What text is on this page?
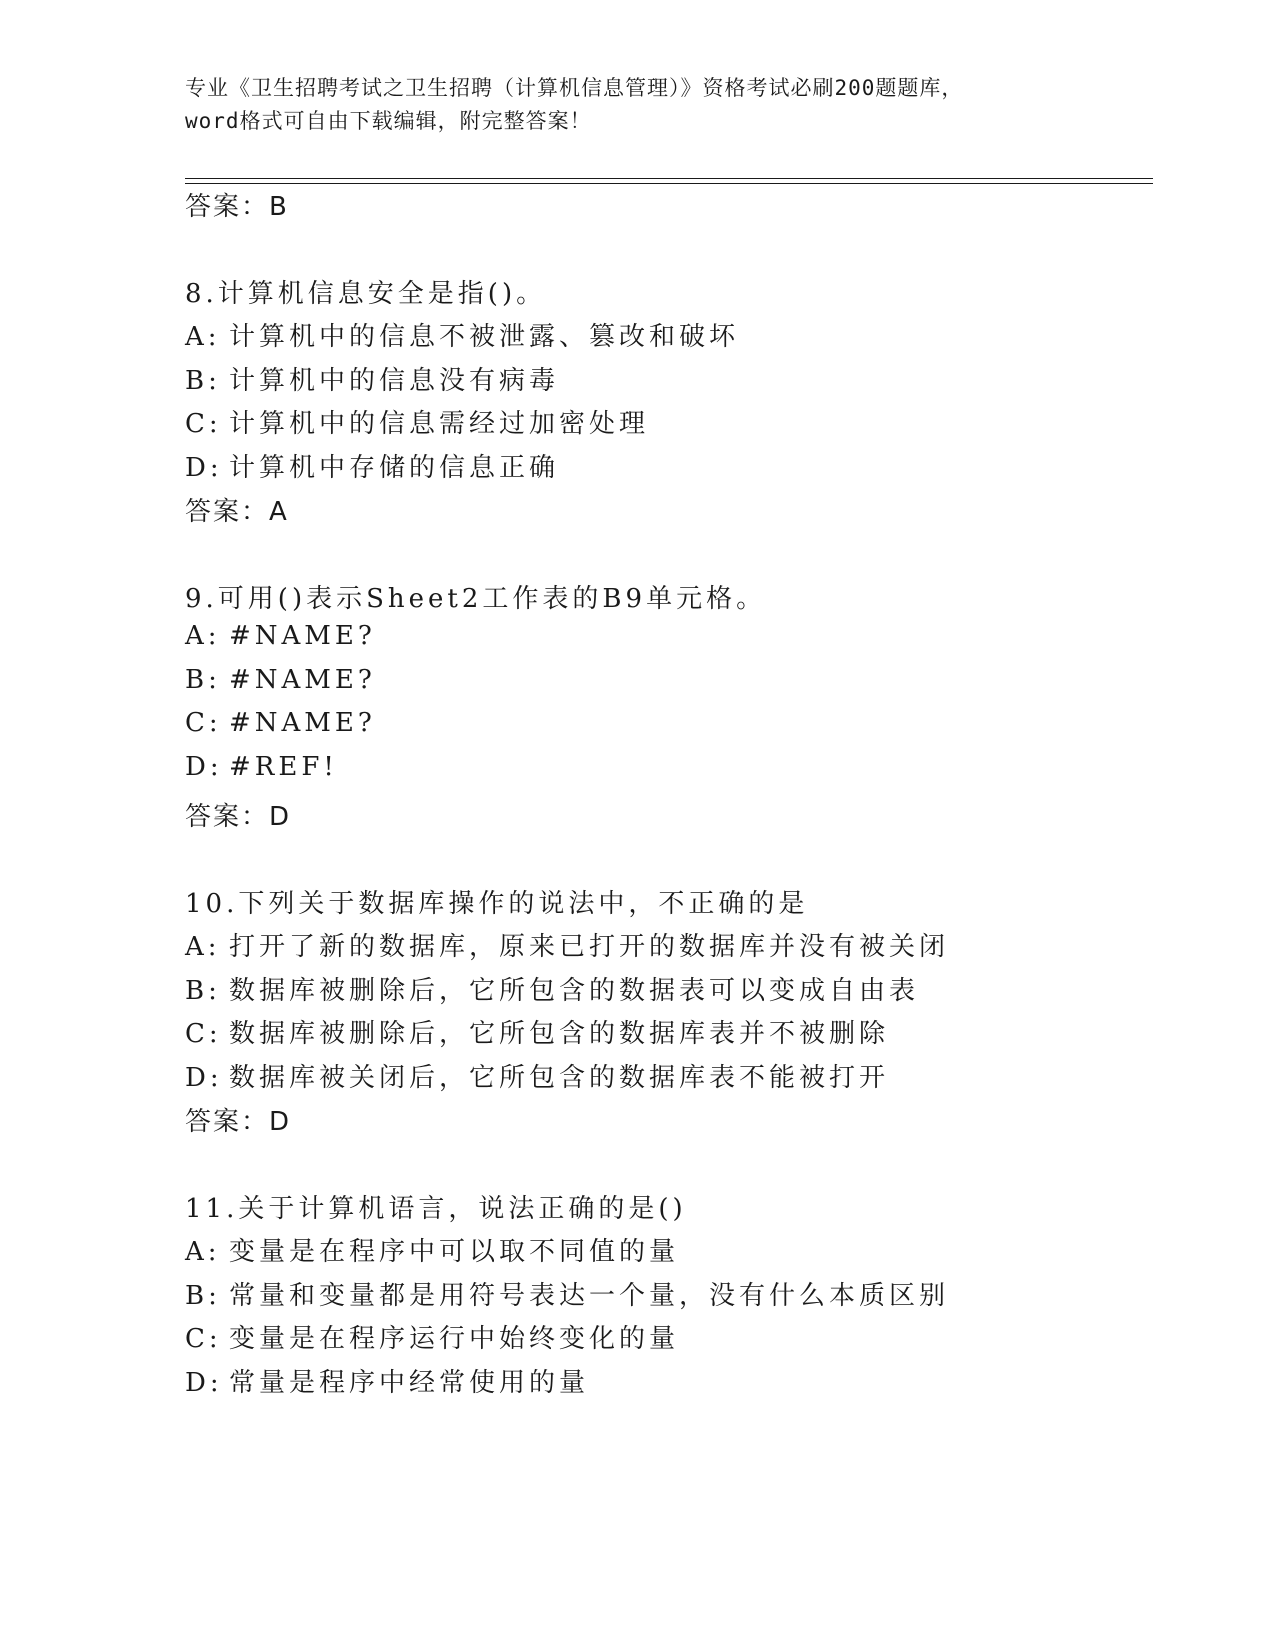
专业《卫生招聘考试之卫生招聘（计算机信息管理）》资格考试必刷200题题库，
word格式可自由下载编辑，附完整答案！
答案：B
8.计算机信息安全是指()。
A: 计算机中的信息不被泄露、篡改和破坏
B: 计算机中的信息没有病毒
C: 计算机中的信息需经过加密处理
D: 计算机中存储的信息正确
答案：A
9.可用()表示Sheet2工作表的B9单元格。
A: #NAME?
B: #NAME?
C: #NAME?
D: #REF!
答案：D
10.下列关于数据库操作的说法中，不正确的是
A: 打开了新的数据库，原来已打开的数据库并没有被关闭
B: 数据库被删除后，它所包含的数据表可以变成自由表
C: 数据库被删除后，它所包含的数据库表并不被删除
D: 数据库被关闭后，它所包含的数据库表不能被打开
答案：D
11.关于计算机语言，说法正确的是()
A: 变量是在程序中可以取不同值的量
B: 常量和变量都是用符号表达一个量，没有什么本质区别
C: 变量是在程序运行中始终变化的量
D: 常量是程序中经常使用的量
